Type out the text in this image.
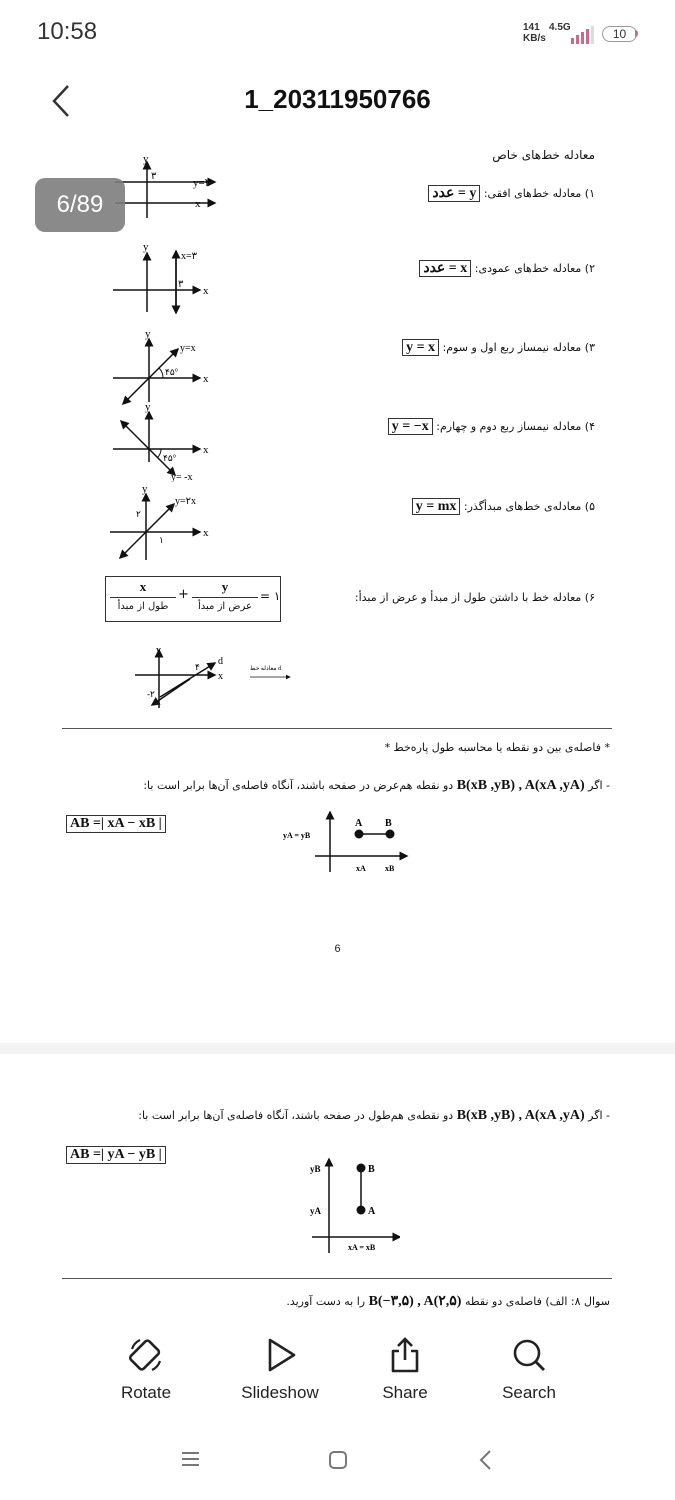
10:58	141
KB/s
4.5G	10
1_20311950766
6/89
معادله خط‌های خاص
۱) معادله خط‌های افقی: y = عدد
۲) معادله خط‌های عمودی: x = عدد
۳) معادله نیمساز ربع اول و سوم: y = x
۴) معادله نیمساز ربع دوم و چهارم: y = −x
۵) معادله‌ی خط‌های مبدأگذر: y = mx
۶) معادله خط با داشتن طول از مبدأ و عرض از مبدأ:
x
طول از مبدأ
+
y
عرض از مبدأ
= ۱
y
۳
x
y=۳
y
x
x=۳
۳
y
x
y=x
۴۵°
y
x
y= -x
۴۵°
y
x
y=۲x
۲
۱
y
x
d
۴
-۲
معادله خط d
* فاصله‌ی بین دو نقطه یا محاسبه طول پاره‌خط *
- اگر B(xB ,yB) , A(xA ,yA) دو نقطه هم‌عرض در صفحه باشند، آنگاه فاصله‌ی آن‌ها برابر است با:
AB =| xA − xB |
yA = yB
A B
xA xB
6
- اگر B(xB ,yB) , A(xA ,yA) دو نقطه‌ی هم‌طول در صفحه باشند، آنگاه فاصله‌ی آن‌ها برابر است با:
AB =| yA − yB |
yB
yA
B
A
xA = xB
سوال ۸: الف) فاصله‌ی دو نقطه B(−۳,۵) , A(۲,۵) را به دست آورید.
Rotate	Slideshow	Share	Search
